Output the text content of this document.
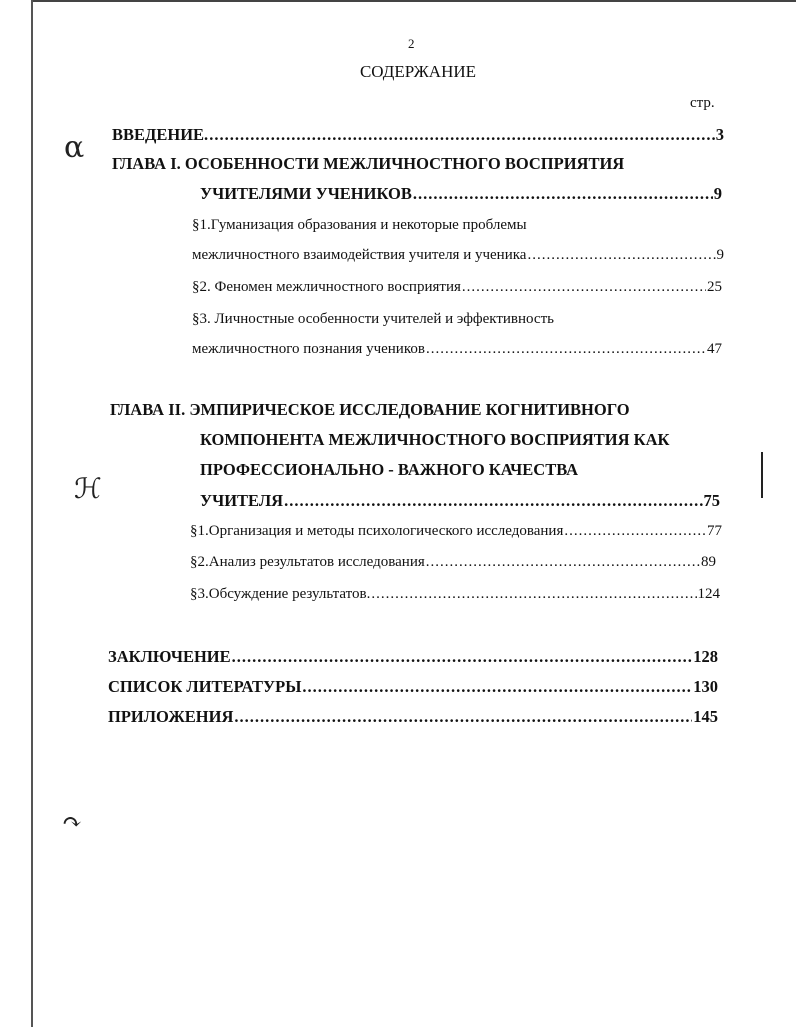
α
ℋ
↷
2
СОДЕРЖАНИЕ
стр.
ВВЕДЕНИЕ. .....	3
ГЛАВА I. ОСОБЕННОСТИ МЕЖЛИЧНОСТНОГО ВОСПРИЯТИЯ
УЧИТЕЛЯМИ УЧЕНИКОВ .....	9
§1.Гуманизация образования и некоторые проблемы
межличностного взаимодействия учителя и ученика .....	9
§2. Феномен межличностного восприятия .....	25
§3. Личностные особенности учителей и эффективность
межличностного познания учеников .....	47
ГЛАВА II. ЭМПИРИЧЕСКОЕ ИССЛЕДОВАНИЕ КОГНИТИВНОГО
КОМПОНЕНТА МЕЖЛИЧНОСТНОГО ВОСПРИЯТИЯ КАК
ПРОФЕССИОНАЛЬНО - ВАЖНОГО КАЧЕСТВА
УЧИТЕЛЯ .....	75
§1.Организация и методы психологического исследования .....	77
§2.Анализ результатов исследования .....	89
§3.Обсуждение результатов. .....	124
ЗАКЛЮЧЕНИЕ .....	128
СПИСОК ЛИТЕРАТУРЫ .....	130
ПРИЛОЖЕНИЯ .....	145
